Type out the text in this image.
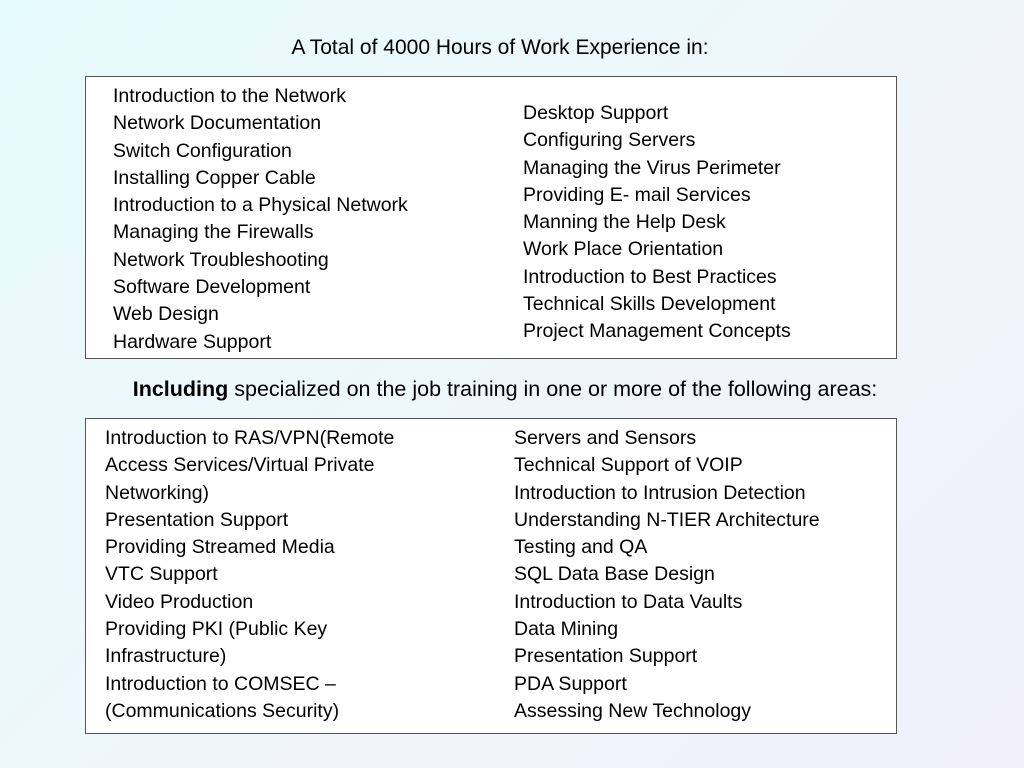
A Total of 4000 Hours of Work Experience in:
Introduction to the Network
Network Documentation
Switch Configuration
Installing Copper Cable
Introduction to a Physical Network
Managing the Firewalls
Network Troubleshooting
Software Development
Web Design
Hardware Support
Desktop Support
Configuring Servers
Managing the Virus Perimeter
Providing E- mail Services
Manning the Help Desk
Work Place Orientation
Introduction to Best Practices
Technical Skills Development
Project Management Concepts
Including specialized on the job training in one or more of the following areas:
Introduction to RAS/VPN(Remote
Access Services/Virtual Private
Networking)
Presentation Support
Providing Streamed Media
VTC Support
Video Production
Providing PKI (Public Key
Infrastructure)
Introduction to COMSEC –
(Communications Security)
Servers and Sensors
Technical Support of VOIP
Introduction to Intrusion Detection
Understanding N-TIER Architecture
Testing and QA
SQL Data Base Design
Introduction to Data Vaults
Data Mining
Presentation Support
PDA Support
Assessing New Technology
